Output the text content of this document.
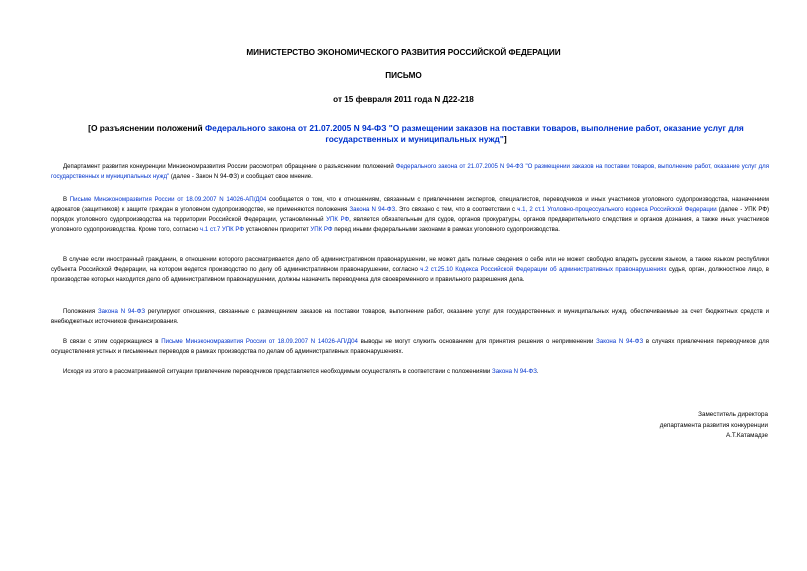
МИНИСТЕРСТВО ЭКОНОМИЧЕСКОГО РАЗВИТИЯ РОССИЙСКОЙ ФЕДЕРАЦИИ
ПИСЬМО
от 15 февраля 2011 года N Д22-218
[О разъяснении положений Федерального закона от 21.07.2005 N 94-ФЗ "О размещении заказов на поставки товаров, выполнение работ, оказание услуг для государственных и муниципальных нужд"]

Департамент развития конкуренции Минэкономразвития России рассмотрел обращение о разъяснении положений Федерального закона от 21.07.2005 N 94-ФЗ "О размещении заказов на поставки товаров, выполнение работ, оказание услуг для государственных и муниципальных нужд" (далее - Закон N 94-ФЗ) и сообщает свое мнение.

В Письме Минэкономразвития России от 18.09.2007 N 14026-АП/Д04 сообщается о том, что к отношениям, связанным с привлечением экспертов, специалистов, переводчиков и иных участников уголовного судопроизводства, назначением адвокатов (защитников) к защите граждан в уголовном судопроизводстве, не применяются положения Закона N 94-ФЗ. Это связано с тем, что в соответствии с ч.1, 2 ст.1 Уголовно-процессуального кодекса Российской Федерации (далее - УПК РФ) порядок уголовного судопроизводства на территории Российской Федерации, установленный УПК РФ, является обязательным для судов, органов прокуратуры, органов предварительного следствия и органов дознания, а также иных участников уголовного судопроизводства. Кроме того, согласно ч.1 ст.7 УПК РФ установлен приоритет УПК РФ перед иными федеральными законами в рамках уголовного судопроизводства.

В случае если иностранный гражданин, в отношении которого рассматривается дело об административном правонарушении, не может дать полные сведения о себе или не может свободно владеть русским языком, а также языком республики субъекта Российской Федерации, на котором ведется производство по делу об административном правонарушении, согласно ч.2 ст.25.10 Кодекса Российской Федерации об административных правонарушениях судья, орган, должностное лицо, в производстве которых находится дело об административном правонарушении, должны назначить переводчика для своевременного и правильного разрешения дела.

Положения Закона N 94-ФЗ регулируют отношения, связанные с размещением заказов на поставки товаров, выполнение работ, оказание услуг для государственных и муниципальных нужд, обеспечиваемые за счет бюджетных средств и внебюджетных источников финансирования.

В связи с этим содержащиеся в Письме Минэкономразвития России от 18.09.2007 N 14026-АП/Д04 выводы не могут служить основанием для принятия решения о неприменении Закона N 94-ФЗ в случаях привлечения переводчиков для осуществления устных и письменных переводов в рамках производства по делам об административных правонарушениях.

Исходя из этого в рассматриваемой ситуации привлечение переводчиков представляется необходимым осуществлять в соответствии с положениями Закона N 94-ФЗ.

Заместитель директора
департамента развития конкуренции
А.Т.Катамадзе
